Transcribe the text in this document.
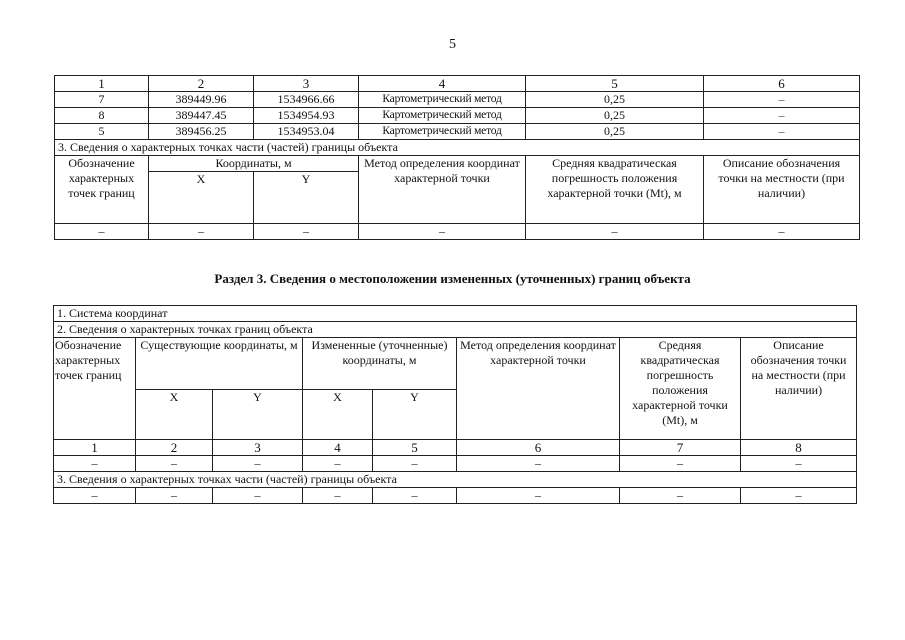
5
1	2	3	4	5	6
7	389449.96	1534966.66	Картометрический метод	0,25	–
8	389447.45	1534954.93	Картометрический метод	0,25	–
5	389456.25	1534953.04	Картометрический метод	0,25	–
3. Сведения о характерных точках части (частей) границы объекта					
Обозначение характерных точек границ	Координаты, м		Метод определения координат характерной точки	Средняя квадратическая погрешность положения характерной точки (Mt), м	Описание обозначения точки на местности (при наличии)
	X	Y			
–	–	–	–	–	–
Раздел 3. Сведения о местоположении измененных (уточненных) границ объекта
1. Система координат							
2. Сведения о характерных точках границ объекта							
Обозначение характерных точек границ	Существующие координаты, м		Измененные (уточненные) координаты, м		Метод определения координат характерной точки	Средняя квадратическая погрешность положения характерной точки (Mt), м	Описание обозначения точки на местности (при наличии)
	X	Y	X	Y			
1	2	3	4	5	6	7	8
–	–	–	–	–	–	–	–
3. Сведения о характерных точках части (частей) границы объекта							
–	–	–	–	–	–	–	–
